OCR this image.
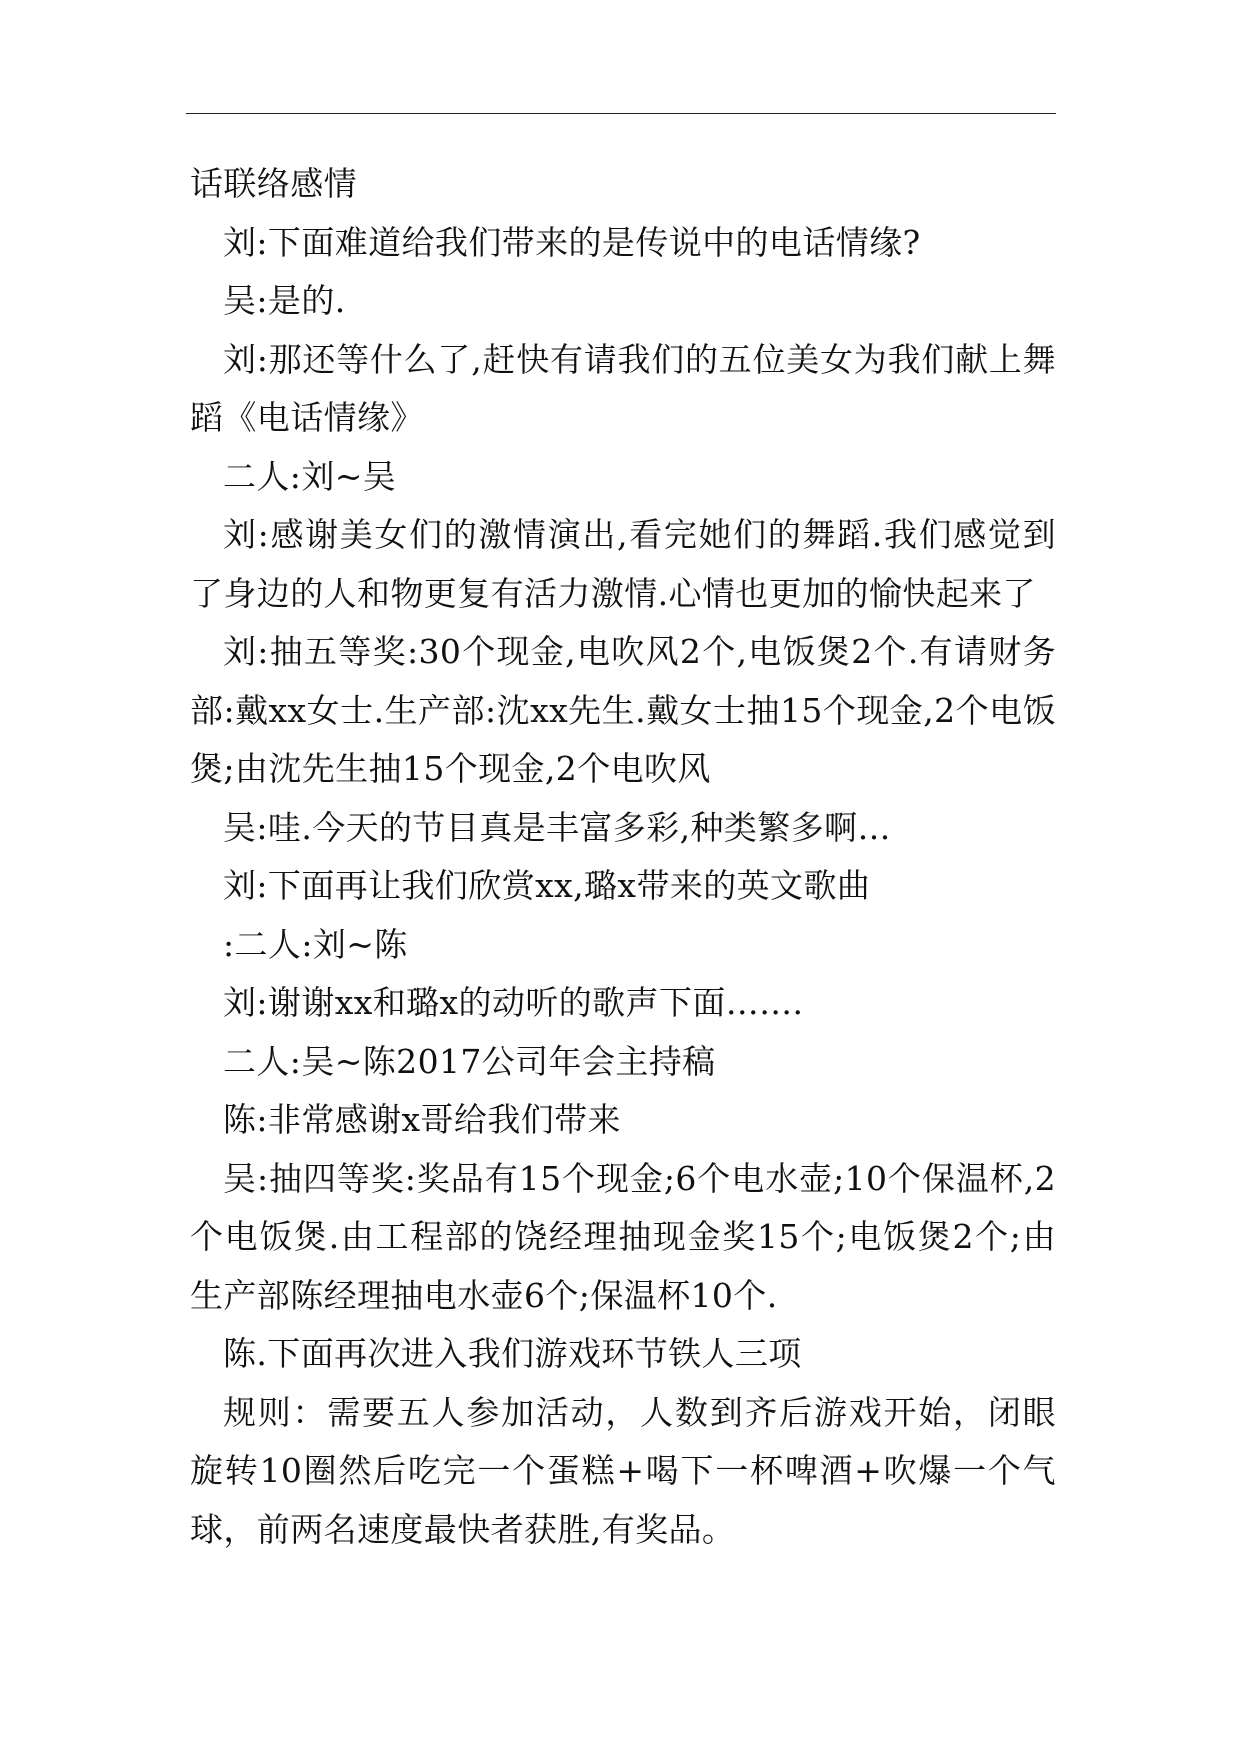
话联络感情

刘:下面难道给我们带来的是传说中的电话情缘?

吴:是的.

刘:那还等什么了,赶快有请我们的五位美女为我们献上舞蹈《电话情缘》

二人:刘~吴

刘:感谢美女们的激情演出,看完她们的舞蹈.我们感觉到了身边的人和物更复有活力激情.心情也更加的愉快起来了

刘:抽五等奖:30个现金,电吹风2个,电饭煲2个.有请财务部:戴xx女士.生产部:沈xx先生.戴女士抽15个现金,2个电饭煲;由沈先生抽15个现金,2个电吹风

吴:哇.今天的节目真是丰富多彩,种类繁多啊…

刘:下面再让我们欣赏xx,璐x带来的英文歌曲

:二人:刘~陈

刘:谢谢xx和璐x的动听的歌声下面…….

二人:吴~陈2017公司年会主持稿

陈:非常感谢x哥给我们带来

吴:抽四等奖:奖品有15个现金;6个电水壶;10个保温杯,2个电饭煲.由工程部的饶经理抽现金奖15个;电饭煲2个;由生产部陈经理抽电水壶6个;保温杯10个.

陈.下面再次进入我们游戏环节铁人三项

规则：需要五人参加活动，人数到齐后游戏开始，闭眼旋转10圈然后吃完一个蛋糕+喝下一杯啤酒+吹爆一个气球，前两名速度最快者获胜,有奖品。
